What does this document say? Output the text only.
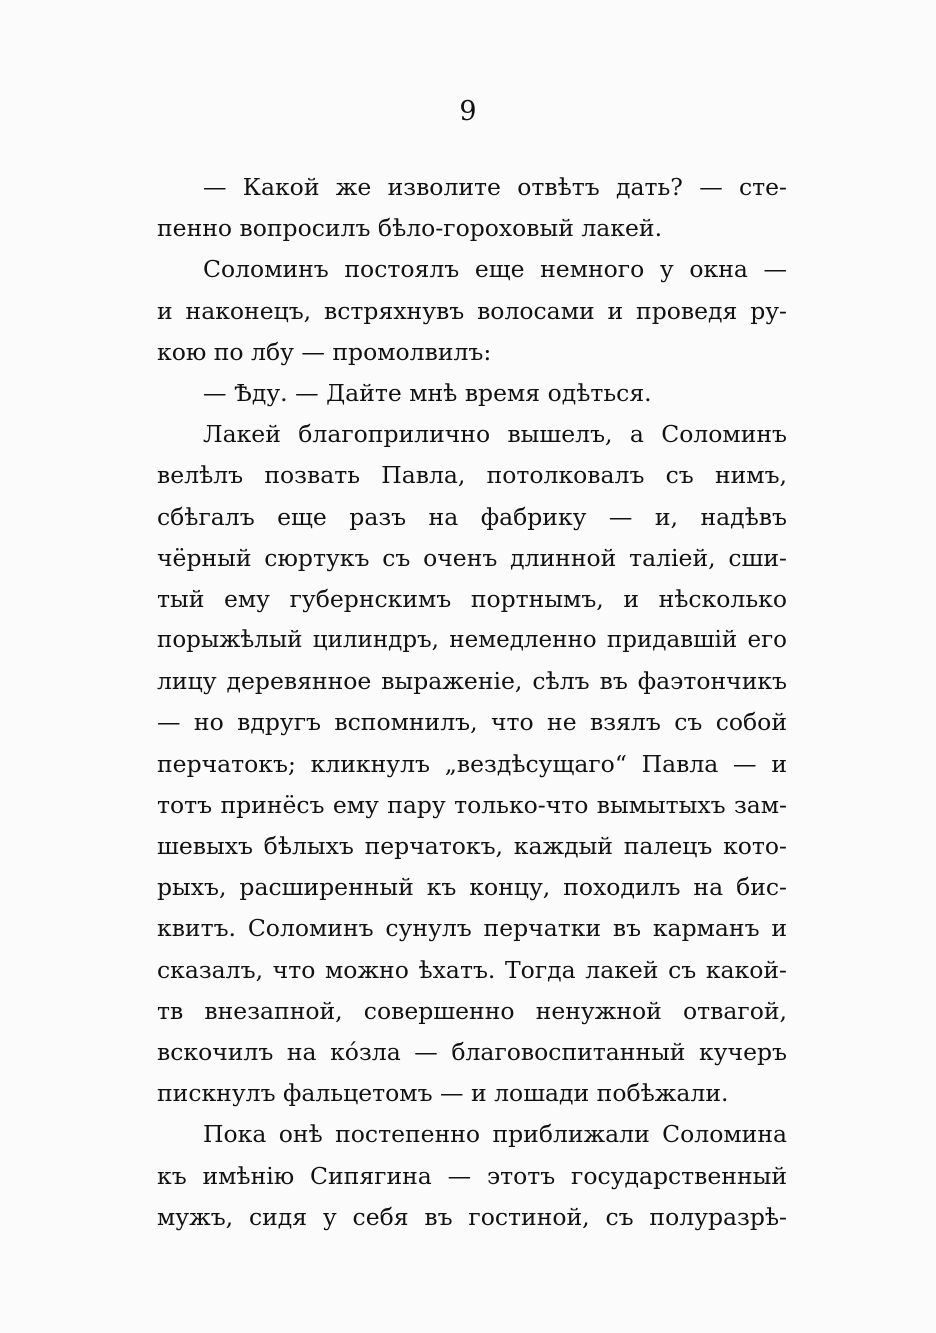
9
— Какой же изволите отвѣтъ дать? — сте-
пенно вопросилъ бѣло-гороховый лакей.
Соломинъ постоялъ еще немного у окна —
и наконецъ, встряхнувъ волосами и проведя ру-
кою по лбу — промолвилъ:
— Ѣду. — Дайте мнѣ время одѣться.
Лакей благоприлично вышелъ, а Соломинъ
велѣлъ позвать Павла, потолковалъ съ нимъ,
сбѣгалъ еще разъ на фабрику — и, надѣвъ
чёрный сюртукъ съ оченъ длинной таліей, сши-
тый ему губернскимъ портнымъ, и нѣсколько
порыжѣлый цилиндръ, немедленно придавшій его
лицу деревянное выраженіе, сѣлъ въ фаэтончикъ
— но вдругъ вспомнилъ, что не взялъ съ собой
перчатокъ; кликнулъ „вездѣсущаго“ Павла — и
тотъ принёсъ ему пару только-что вымытыхъ зам-
шевыхъ бѣлыхъ перчатокъ, каждый палецъ кото-
рыхъ, расширенный къ концу, походилъ на бис-
квитъ. Соломинъ сунулъ перчатки въ карманъ и
сказалъ, что можно ѣхатъ. Тогда лакей съ какой-
тв внезапной, совершенно ненужной отвагой,
вскочилъ на ко́зла — благовоспитанный кучеръ
пискнулъ фальцетомъ — и лошади побѣжали.
Пока онѣ постепенно приближали Соломина
къ имѣнію Сипягина — этотъ государственный
мужъ, сидя у себя въ гостиной, съ полуразрѣ-
